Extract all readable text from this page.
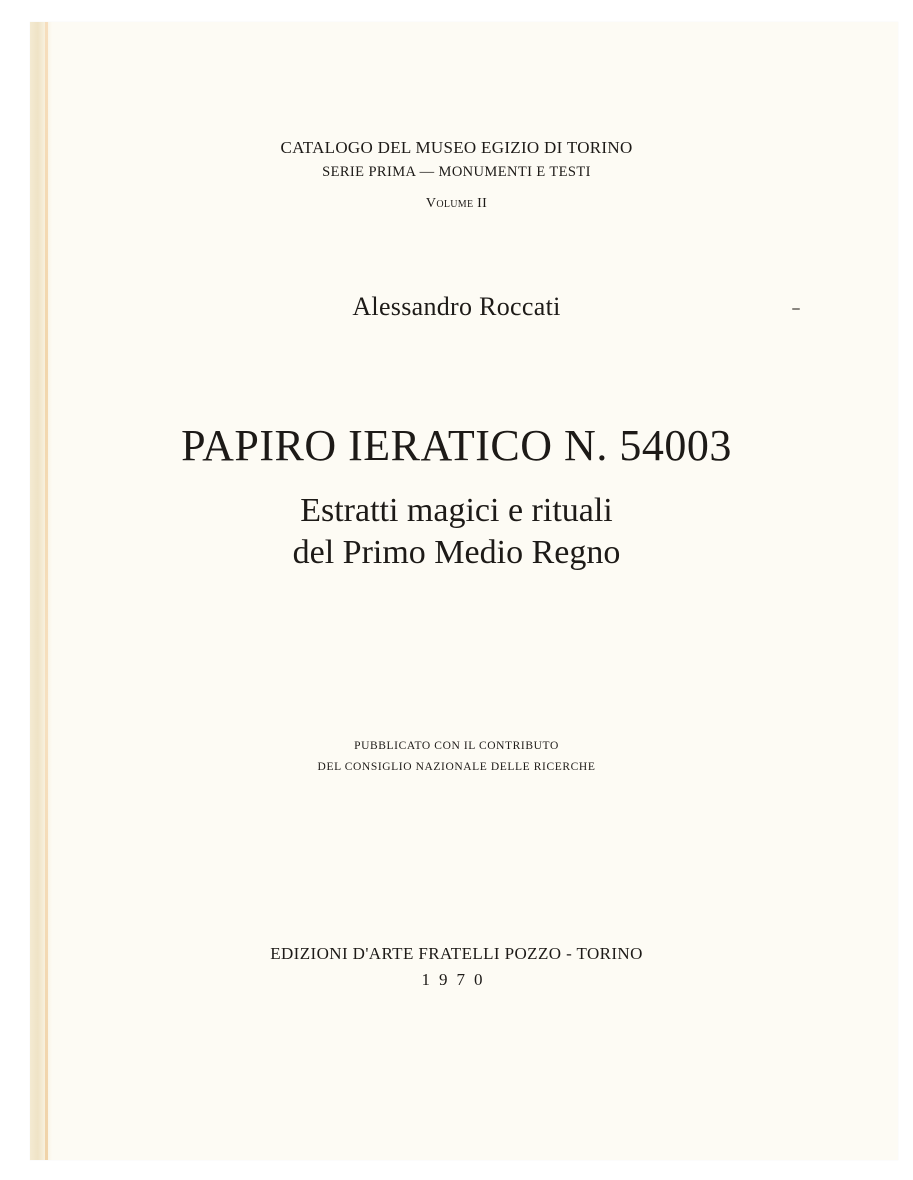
CATALOGO DEL MUSEO EGIZIO DI TORINO
SERIE PRIMA — MONUMENTI E TESTI
Volume II
Alessandro Roccati
PAPIRO IERATICO N. 54003
Estratti magici e rituali
del Primo Medio Regno
PUBBLICATO CON IL CONTRIBUTO
DEL CONSIGLIO NAZIONALE DELLE RICERCHE
EDIZIONI D'ARTE FRATELLI POZZO - TORINO
1970
